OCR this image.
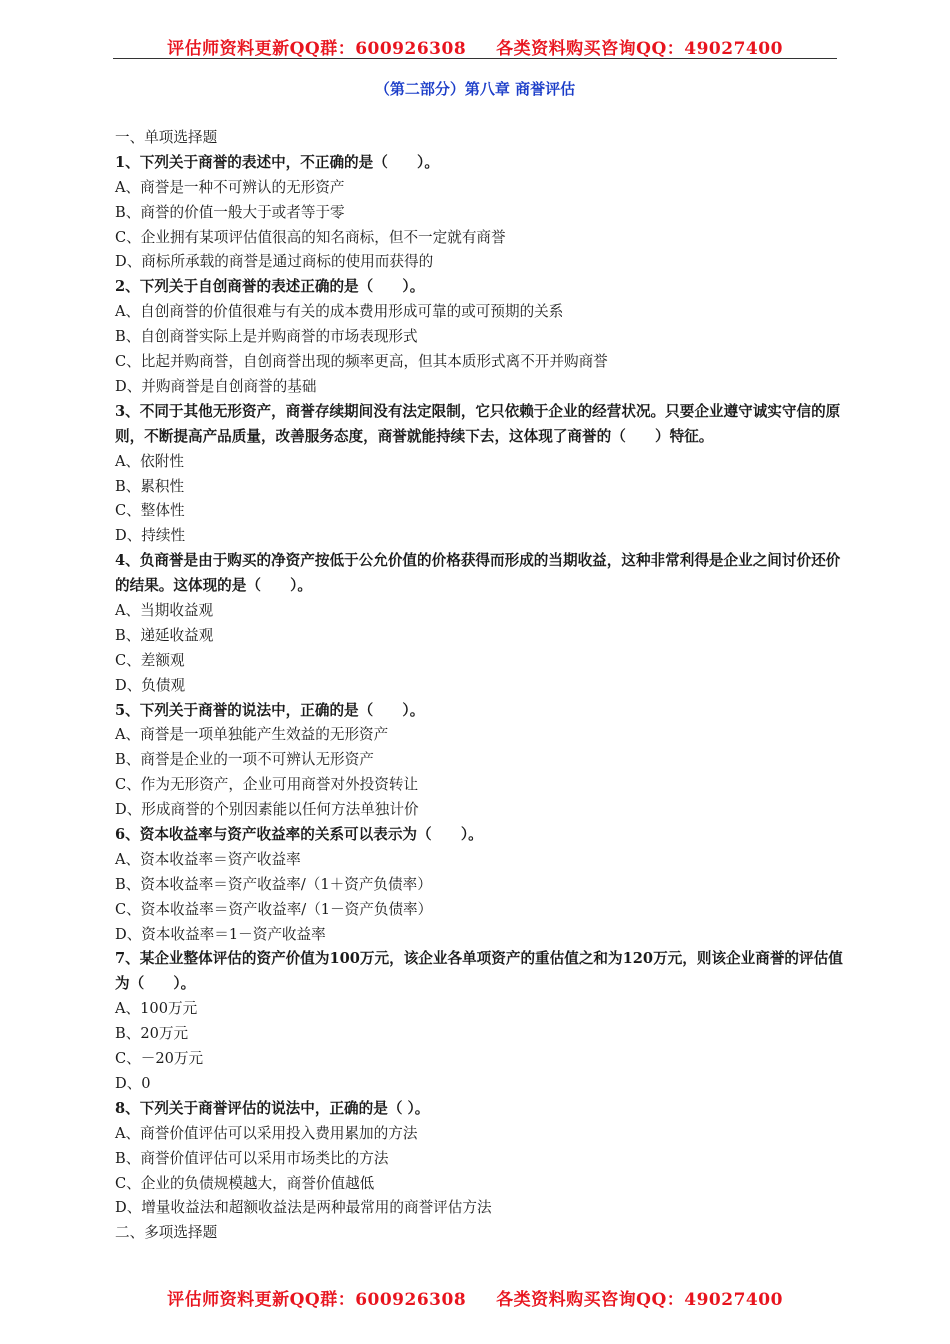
评估师资料更新QQ群：600926308 各类资料购买咨询QQ：49027400
（第二部分）第八章 商誉评估
一、单项选择题
1、下列关于商誉的表述中，不正确的是（　　）。
A、商誉是一种不可辨认的无形资产
B、商誉的价值一般大于或者等于零
C、企业拥有某项评估值很高的知名商标，但不一定就有商誉
D、商标所承载的商誉是通过商标的使用而获得的
2、下列关于自创商誉的表述正确的是（　　）。
A、自创商誉的价值很难与有关的成本费用形成可靠的或可预期的关系
B、自创商誉实际上是并购商誉的市场表现形式
C、比起并购商誉，自创商誉出现的频率更高，但其本质形式离不开并购商誉
D、并购商誉是自创商誉的基础
3、不同于其他无形资产，商誉存续期间没有法定限制，它只依赖于企业的经营状况。只要企业遵守诚实守信的原则，不断提高产品质量，改善服务态度，商誉就能持续下去，这体现了商誉的（　　）特征。
A、依附性
B、累积性
C、整体性
D、持续性
4、负商誉是由于购买的净资产按低于公允价值的价格获得而形成的当期收益，这种非常利得是企业之间讨价还价的结果。这体现的是（　　）。
A、当期收益观
B、递延收益观
C、差额观
D、负债观
5、下列关于商誉的说法中，正确的是（　　）。
A、商誉是一项单独能产生效益的无形资产
B、商誉是企业的一项不可辨认无形资产
C、作为无形资产，企业可用商誉对外投资转让
D、形成商誉的个别因素能以任何方法单独计价
6、资本收益率与资产收益率的关系可以表示为（　　）。
A、资本收益率＝资产收益率
B、资本收益率＝资产收益率/（1＋资产负债率）
C、资本收益率＝资产收益率/（1－资产负债率）
D、资本收益率＝1－资产收益率
7、某企业整体评估的资产价值为100万元，该企业各单项资产的重估值之和为120万元，则该企业商誉的评估值为（　　）。
A、100万元
B、20万元
C、－20万元
D、0
8、下列关于商誉评估的说法中，正确的是（ ）。
A、商誉价值评估可以采用投入费用累加的方法
B、商誉价值评估可以采用市场类比的方法
C、企业的负债规模越大，商誉价值越低
D、增量收益法和超额收益法是两种最常用的商誉评估方法
二、多项选择题
评估师资料更新QQ群：600926308 各类资料购买咨询QQ：49027400
